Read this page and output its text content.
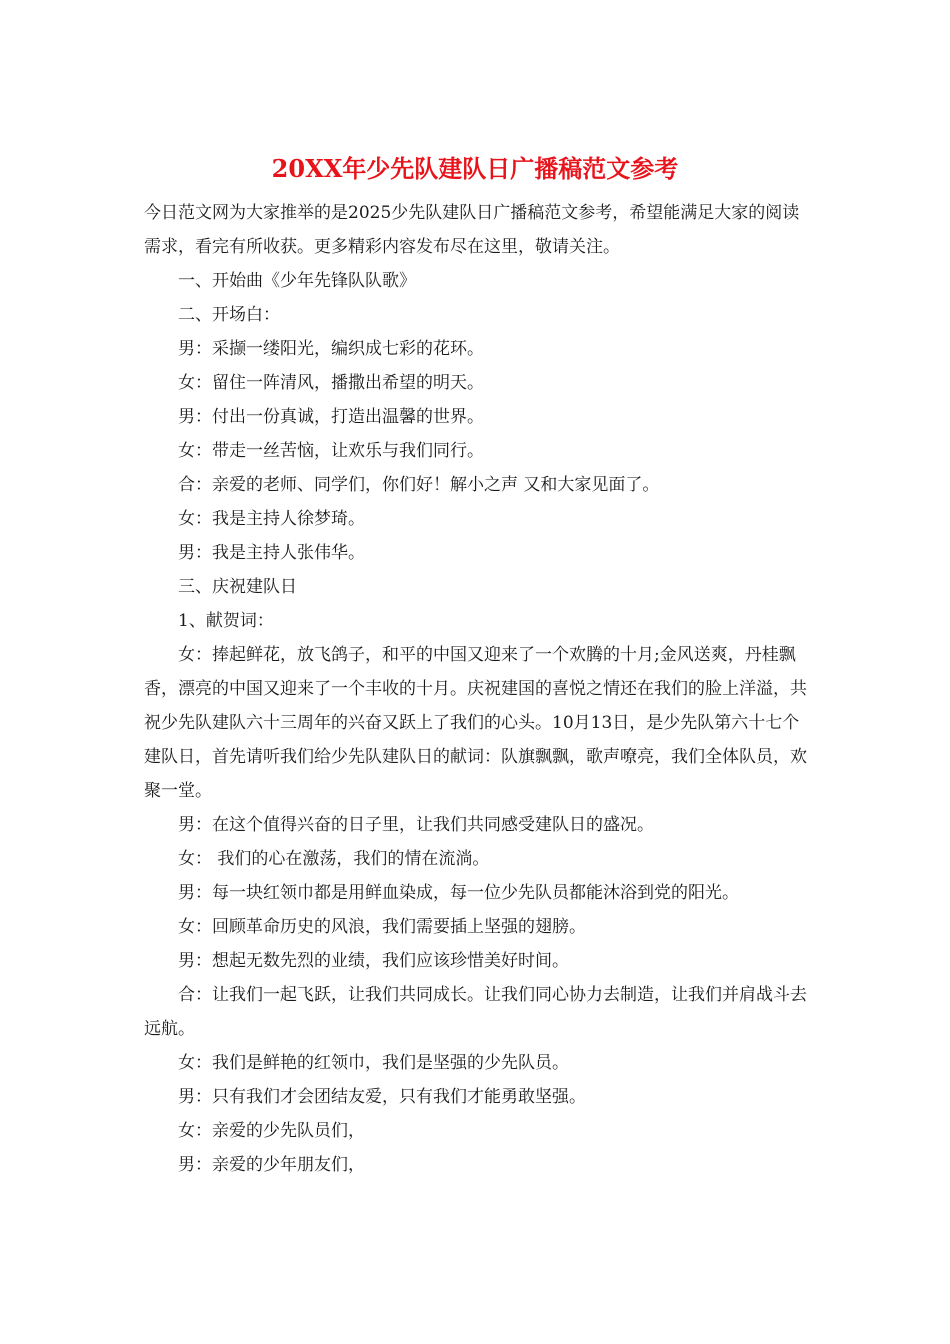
20XX年少先队建队日广播稿范文参考

今日范文网为大家推举的是2025少先队建队日广播稿范文参考，希望能满足大家的阅读需求，看完有所收获。更多精彩内容发布尽在这里，敬请关注。

一、开始曲《少年先锋队队歌》

二、开场白：

男：采撷一缕阳光，编织成七彩的花环。

女：留住一阵清风，播撒出希望的明天。

男：付出一份真诚，打造出温馨的世界。

女：带走一丝苦恼，让欢乐与我们同行。

合：亲爱的老师、同学们，你们好！解小之声 又和大家见面了。

女：我是主持人徐梦琦。

男：我是主持人张伟华。

三、庆祝建队日

1、献贺词：

女：捧起鲜花，放飞鸽子，和平的中国又迎来了一个欢腾的十月;金风送爽，丹桂飘香，漂亮的中国又迎来了一个丰收的十月。庆祝建国的喜悦之情还在我们的脸上洋溢，共祝少先队建队六十三周年的兴奋又跃上了我们的心头。10月13日，是少先队第六十七个建队日，首先请听我们给少先队建队日的献词：队旗飘飘，歌声嘹亮，我们全体队员，欢聚一堂。

男：在这个值得兴奋的日子里，让我们共同感受建队日的盛况。

女： 我们的心在激荡，我们的情在流淌。

男：每一块红领巾都是用鲜血染成，每一位少先队员都能沐浴到党的阳光。

女：回顾革命历史的风浪，我们需要插上坚强的翅膀。

男：想起无数先烈的业绩，我们应该珍惜美好时间。

合：让我们一起飞跃，让我们共同成长。让我们同心协力去制造，让我们并肩战斗去远航。

女：我们是鲜艳的红领巾，我们是坚强的少先队员。

男：只有我们才会团结友爱，只有我们才能勇敢坚强。

女：亲爱的少先队员们，

男：亲爱的少年朋友们，
